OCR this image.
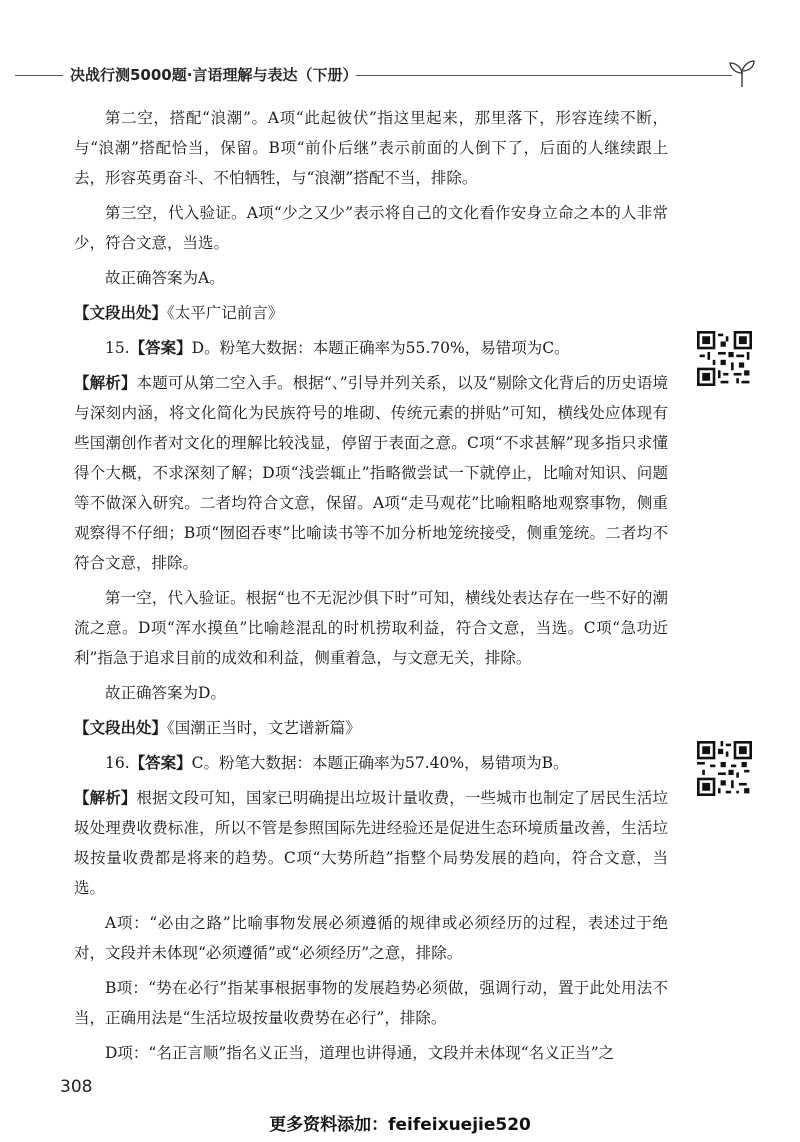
决战行测5000题·言语理解与表达（下册）

第二空，搭配“浪潮”。A项“此起彼伏”指这里起来，那里落下，形容连续不断，与“浪潮”搭配恰当，保留。B项“前仆后继”表示前面的人倒下了，后面的人继续跟上去，形容英勇奋斗、不怕牺牲，与“浪潮”搭配不当，排除。

第三空，代入验证。A项“少之又少”表示将自己的文化看作安身立命之本的人非常少，符合文意，当选。

故正确答案为A。

【文段出处】《太平广记前言》

15.【答案】D。粉笔大数据：本题正确率为55.70%，易错项为C。

【解析】本题可从第二空入手。根据“、”引导并列关系，以及“剔除文化背后的历史语境与深刻内涵，将文化简化为民族符号的堆砌、传统元素的拼贴”可知，横线处应体现有些国潮创作者对文化的理解比较浅显，停留于表面之意。C项“不求甚解”现多指只求懂得个大概，不求深刻了解；D项“浅尝辄止”指略微尝试一下就停止，比喻对知识、问题等不做深入研究。二者均符合文意，保留。A项“走马观花”比喻粗略地观察事物，侧重观察得不仔细；B项“囫囵吞枣”比喻读书等不加分析地笼统接受，侧重笼统。二者均不符合文意，排除。

第一空，代入验证。根据“也不无泥沙俱下时”可知，横线处表达存在一些不好的潮流之意。D项“浑水摸鱼”比喻趁混乱的时机捞取利益，符合文意，当选。C项“急功近利”指急于追求目前的成效和利益，侧重着急，与文意无关，排除。

故正确答案为D。

【文段出处】《国潮正当时，文艺谱新篇》

16.【答案】C。粉笔大数据：本题正确率为57.40%，易错项为B。

【解析】根据文段可知，国家已明确提出垃圾计量收费，一些城市也制定了居民生活垃圾处理费收费标准，所以不管是参照国际先进经验还是促进生态环境质量改善，生活垃圾按量收费都是将来的趋势。C项“大势所趋”指整个局势发展的趋向，符合文意，当选。

A项：“必由之路”比喻事物发展必须遵循的规律或必须经历的过程，表述过于绝对，文段并未体现“必须遵循”或“必须经历”之意，排除。

B项：“势在必行”指某事根据事物的发展趋势必须做，强调行动，置于此处用法不当，正确用法是“生活垃圾按量收费势在必行”，排除。

D项：“名正言顺”指名义正当，道理也讲得通，文段并未体现“名义正当”之

308
更多资料添加：feifeixuejie520
